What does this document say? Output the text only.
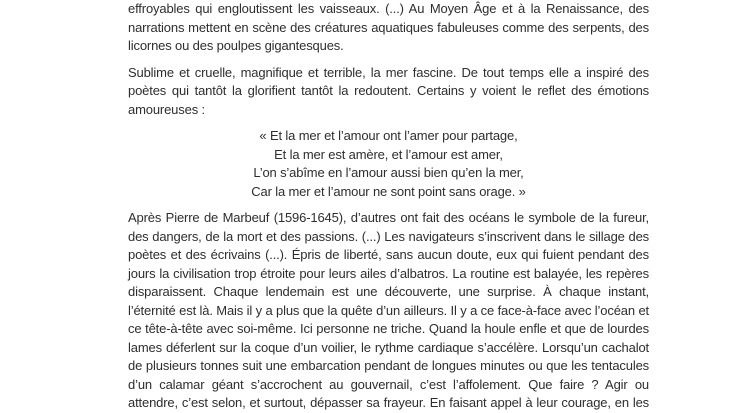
effroyables qui engloutissent les vaisseaux. (...) Au Moyen Âge et à la Renaissance, des narrations mettent en scène des créatures aquatiques fabuleuses comme des serpents, des licornes ou des poulpes gigantesques.

Sublime et cruelle, magnifique et terrible, la mer fascine. De tout temps elle a inspiré des poètes qui tantôt la glorifient tantôt la redoutent. Certains y voient le reflet des émotions amoureuses :

« Et la mer et l’amour ont l’amer pour partage,
Et la mer est amère, et l’amour est amer,
L’on s’abîme en l’amour aussi bien qu’en la mer,
Car la mer et l’amour ne sont point sans orage. »

Après Pierre de Marbeuf (1596-1645), d’autres ont fait des océans le symbole de la fureur, des dangers, de la mort et des passions. (...) Les navigateurs s’inscrivent dans le sillage des poètes et des écrivains (...). Épris de liberté, sans aucun doute, eux qui fuient pendant des jours la civilisation trop étroite pour leurs ailes d’albatros. La routine est balayée, les repères disparaissent. Chaque lendemain est une découverte, une surprise. À chaque instant, l’éternité est là. Mais il y a plus que la quête d’un ailleurs. Il y a ce face-à-face avec l’océan et ce tête-à-tête avec soi-même. Ici personne ne triche. Quand la houle enfle et que de lourdes lames déferlent sur la coque d’un voilier, le rythme cardiaque s’accélère. Lorsqu’un cachalot de plusieurs tonnes suit une embarcation pendant de longues minutes ou que les tentacules d’un calamar géant s’accrochent au gouvernail, c’est l’affolement. Que faire ? Agir ou attendre, c’est selon, et surtout, dépasser sa frayeur. En faisant appel à leur courage, en les
